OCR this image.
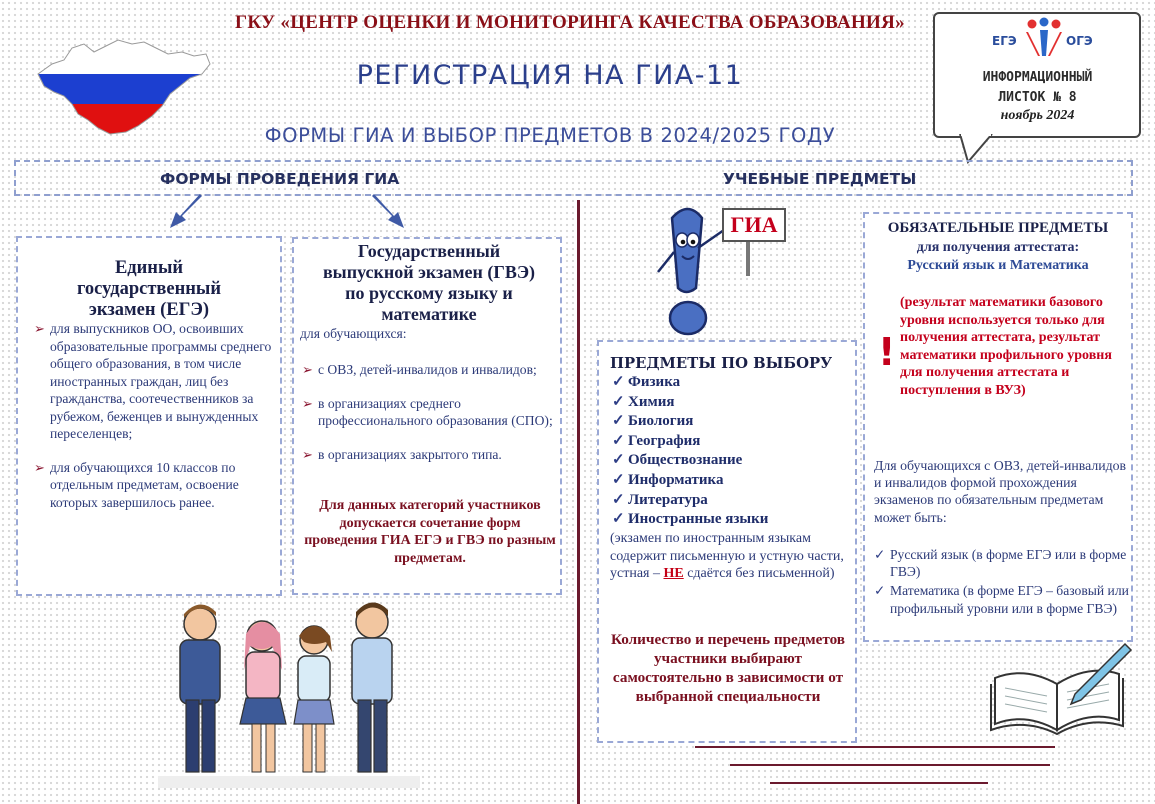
ГКУ «ЦЕНТР ОЦЕНКИ И МОНИТОРИНГА КАЧЕСТВА ОБРАЗОВАНИЯ»
РЕГИСТРАЦИЯ НА ГИА-11
ФОРМЫ ГИА И ВЫБОР ПРЕДМЕТОВ В 2024/2025 ГОДУ
ЕГЭ	ОГЭ
ИНФОРМАЦИОННЫЙ
ЛИСТОК № 8
ноябрь 2024
ФОРМЫ ПРОВЕДЕНИЯ ГИА	УЧЕБНЫЕ ПРЕДМЕТЫ
Единый
государственный
экзамен (ЕГЭ)
➢ для выпускников ОО, освоивших образовательные программы среднего общего образования, в том числе иностранных граждан, лиц без гражданства, соотечественников за рубежом, беженцев и вынужденных переселенцев;
➢ для обучающихся 10 классов по отдельным предметам, освоение которых завершилось ранее.
Государственный
выпускной экзамен (ГВЭ)
по русскому языку и
математике
для обучающихся:
➢ с ОВЗ, детей-инвалидов и инвалидов;
➢ в организациях среднего профессионального образования (СПО);
➢ в организациях закрытого типа.
Для данных категорий участников допускается сочетание форм проведения ГИА ЕГЭ и ГВЭ по разным предметам.
ГИА
ПРЕДМЕТЫ ПО ВЫБОРУ
✓ Физика
✓ Химия
✓ Биология
✓ География
✓ Обществознание
✓ Информатика
✓ Литература
✓ Иностранные языки
(экзамен по иностранным языкам содержит письменную и устную части, устная – НЕ сдаётся без письменной)
Количество и перечень предметов участники выбирают самостоятельно в зависимости от выбранной специальности
ОБЯЗАТЕЛЬНЫЕ ПРЕДМЕТЫ
для получения аттестата:
Русский язык и Математика
!
(результат математики базового уровня используется только для получения аттестата, результат математики профильного уровня для получения аттестата и поступления в ВУЗ)
Для обучающихся с ОВЗ, детей-инвалидов и инвалидов формой прохождения экзаменов по обязательным предметам может быть:
✓ Русский язык (в форме ЕГЭ или в форме ГВЭ)
✓ Математика (в форме ЕГЭ – базовый или профильный уровни или в форме ГВЭ)
